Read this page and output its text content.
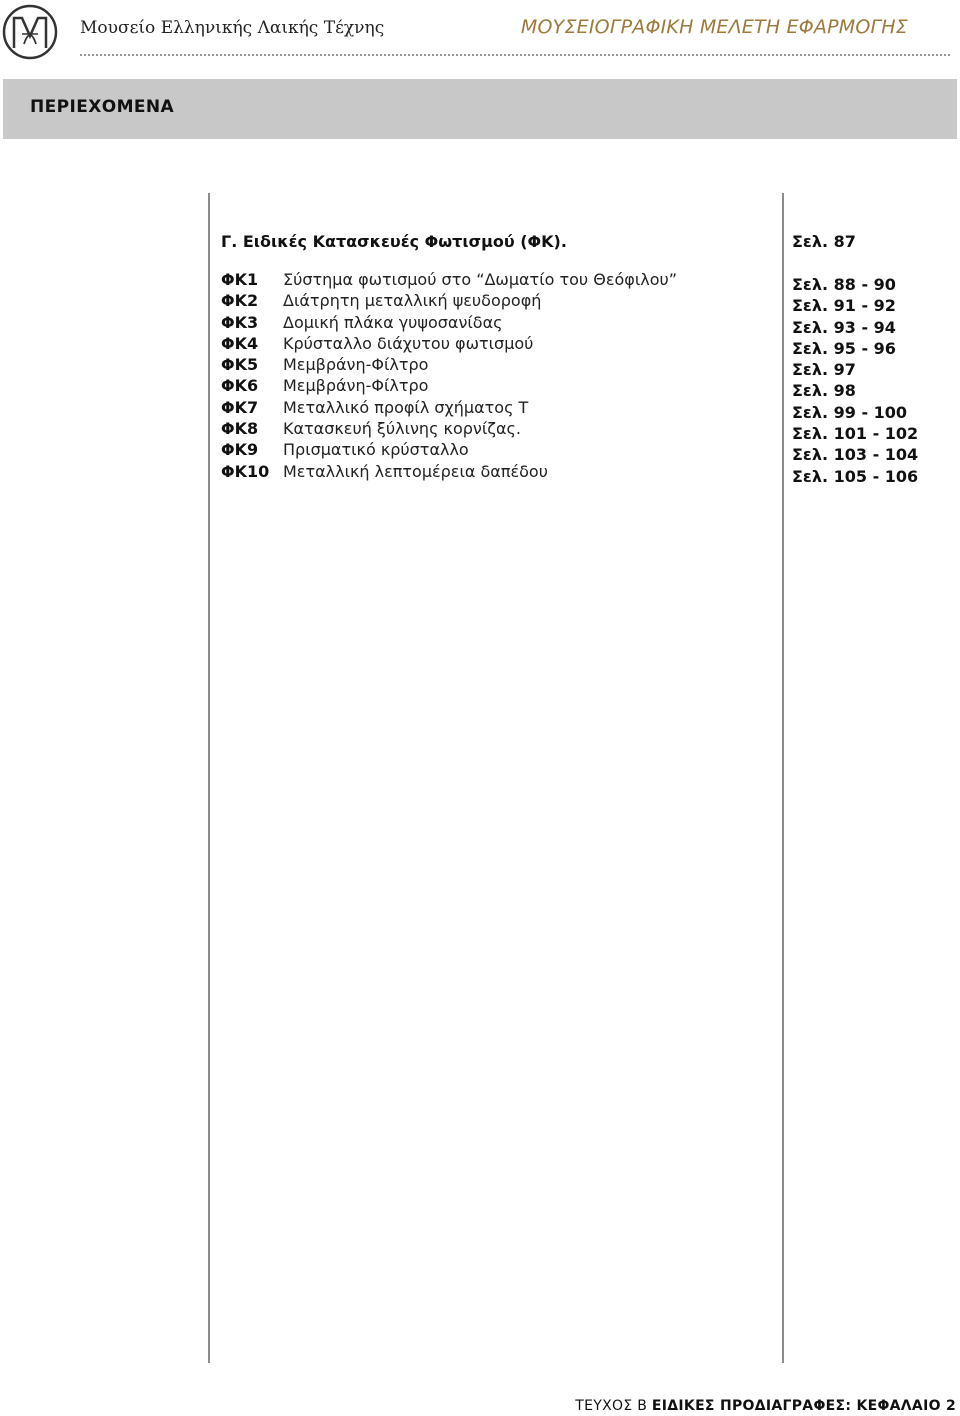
Μουσείο Ελληνικής Λαικής Τέχνης	ΜΟΥΣΕΙΟΓΡΑΦΙΚΗ ΜΕΛΕΤΗ ΕΦΑΡΜΟΓΗΣ
ΠΕΡΙΕΧΟΜΕΝΑ
Γ. Ειδικές Κατασκευές Φωτισμού (ΦΚ).	Σελ. 87
ΦΚ1 Σύστημα φωτισμού στο “Δωματίο του Θεόφιλου”
ΦΚ2 Διάτρητη μεταλλική ψευδοροφή
ΦΚ3 Δομική πλάκα γυψοσανίδας
ΦΚ4 Κρύσταλλο διάχυτου φωτισμού
ΦΚ5 Μεμβράνη-Φίλτρο
ΦΚ6 Μεμβράνη-Φίλτρο
ΦΚ7 Μεταλλικό προφίλ σχήματος Τ
ΦΚ8 Κατασκευή ξύλινης κορνίζας.
ΦΚ9 Πρισματικό κρύσταλλο
ΦΚ10 Μεταλλική λεπτομέρεια δαπέδου
Σελ. 88 - 90
Σελ. 91 - 92
Σελ. 93 - 94
Σελ. 95 - 96
Σελ. 97
Σελ. 98
Σελ. 99 - 100
Σελ. 101 - 102
Σελ. 103 - 104
Σελ. 105 - 106
ΤΕΥΧΟΣ Β ΕΙΔΙΚΕΣ ΠΡΟΔΙΑΓΡΑΦΕΣ: ΚΕΦΑΛΑΙΟ 2
